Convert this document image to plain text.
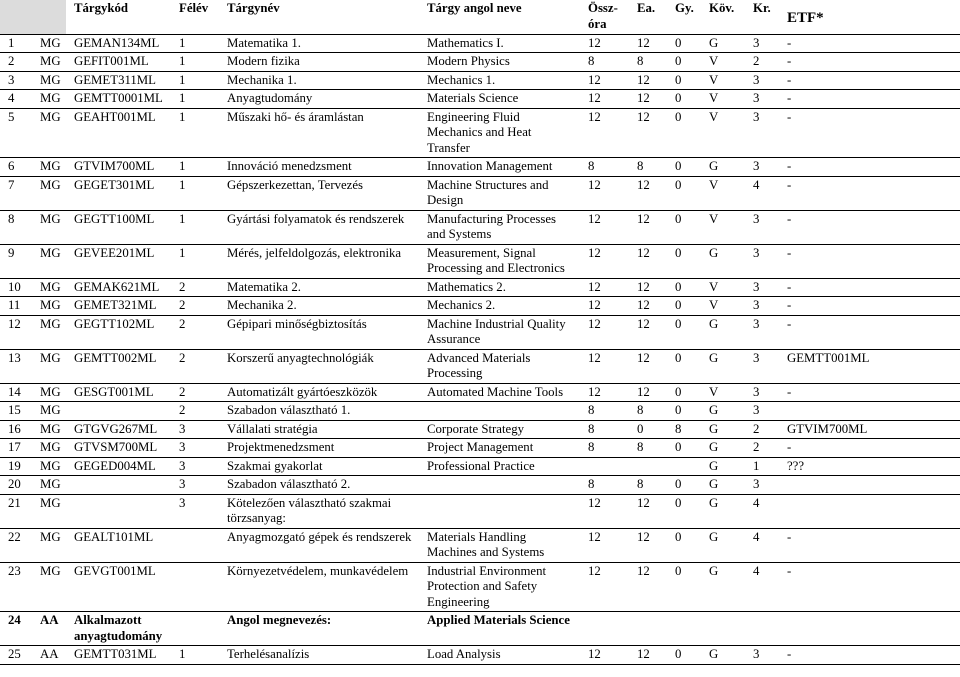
		Tárgykód	Félév	Tárgynév	Tárgy angol neve	Össz-óra	Ea.	Gy.	Köv.	Kr.	ETF*
1	MG	GEMAN134ML	1	Matematika 1.	Mathematics I.	12	12	0	G	3	-
2	MG	GEFIT001ML	1	Modern fizika	Modern Physics	8	8	0	V	2	-
3	MG	GEMET311ML	1	Mechanika 1.	Mechanics 1.	12	12	0	V	3	-
4	MG	GEMTT0001ML	1	Anyagtudomány	Materials Science	12	12	0	V	3	-
5	MG	GEAHT001ML	1	Műszaki hő- és áramlástan	Engineering Fluid Mechanics and Heat Transfer	12	12	0	V	3	-
6	MG	GTVIM700ML	1	Innováció menedzsment	Innovation Management	8	8	0	G	3	-
7	MG	GEGET301ML	1	Gépszerkezettan, Tervezés	Machine Structures and Design	12	12	0	V	4	-
8	MG	GEGTT100ML	1	Gyártási folyamatok és rendszerek	Manufacturing Processes and Systems	12	12	0	V	3	-
9	MG	GEVEE201ML	1	Mérés, jelfeldolgozás, elektronika	Measurement, Signal Processing and Electronics	12	12	0	G	3	-
10	MG	GEMAK621ML	2	Matematika 2.	Mathematics 2.	12	12	0	V	3	-
11	MG	GEMET321ML	2	Mechanika 2.	Mechanics 2.	12	12	0	V	3	-
12	MG	GEGTT102ML	2	Gépipari minőségbiztosítás	Machine Industrial Quality Assurance	12	12	0	G	3	-
13	MG	GEMTT002ML	2	Korszerű anyagtechnológiák	Advanced Materials Processing	12	12	0	G	3	GEMTT001ML
14	MG	GESGT001ML	2	Automatizált gyártóeszközök	Automated Machine Tools	12	12	0	V	3	-
15	MG		2	Szabadon választható 1.		8	8	0	G	3	
16	MG	GTGVG267ML	3	Vállalati stratégia	Corporate Strategy	8	0	8	G	2	GTVIM700ML
17	MG	GTVSM700ML	3	Projektmenedzsment	Project Management	8	8	0	G	2	-
19	MG	GEGED004ML	3	Szakmai gyakorlat	Professional Practice				G	1	???
20	MG		3	Szabadon választható 2.		8	8	0	G	3	
21	MG		3	Kötelezően választható szakmai törzsanyag:		12	12	0	G	4	
22	MG	GEALT101ML		Anyagmozgató gépek és rendszerek	Materials Handling Machines and Systems	12	12	0	G	4	-
23	MG	GEVGT001ML		Környezetvédelem, munkavédelem	Industrial Environment Protection and Safety Engineering	12	12	0	G	4	-
24	AA	Alkalmazott anyagtudomány		Angol megnevezés:	Applied Materials Science						
25	AA	GEMTT031ML	1	Terhelésanalízis	Load Analysis	12	12	0	G	3	-
